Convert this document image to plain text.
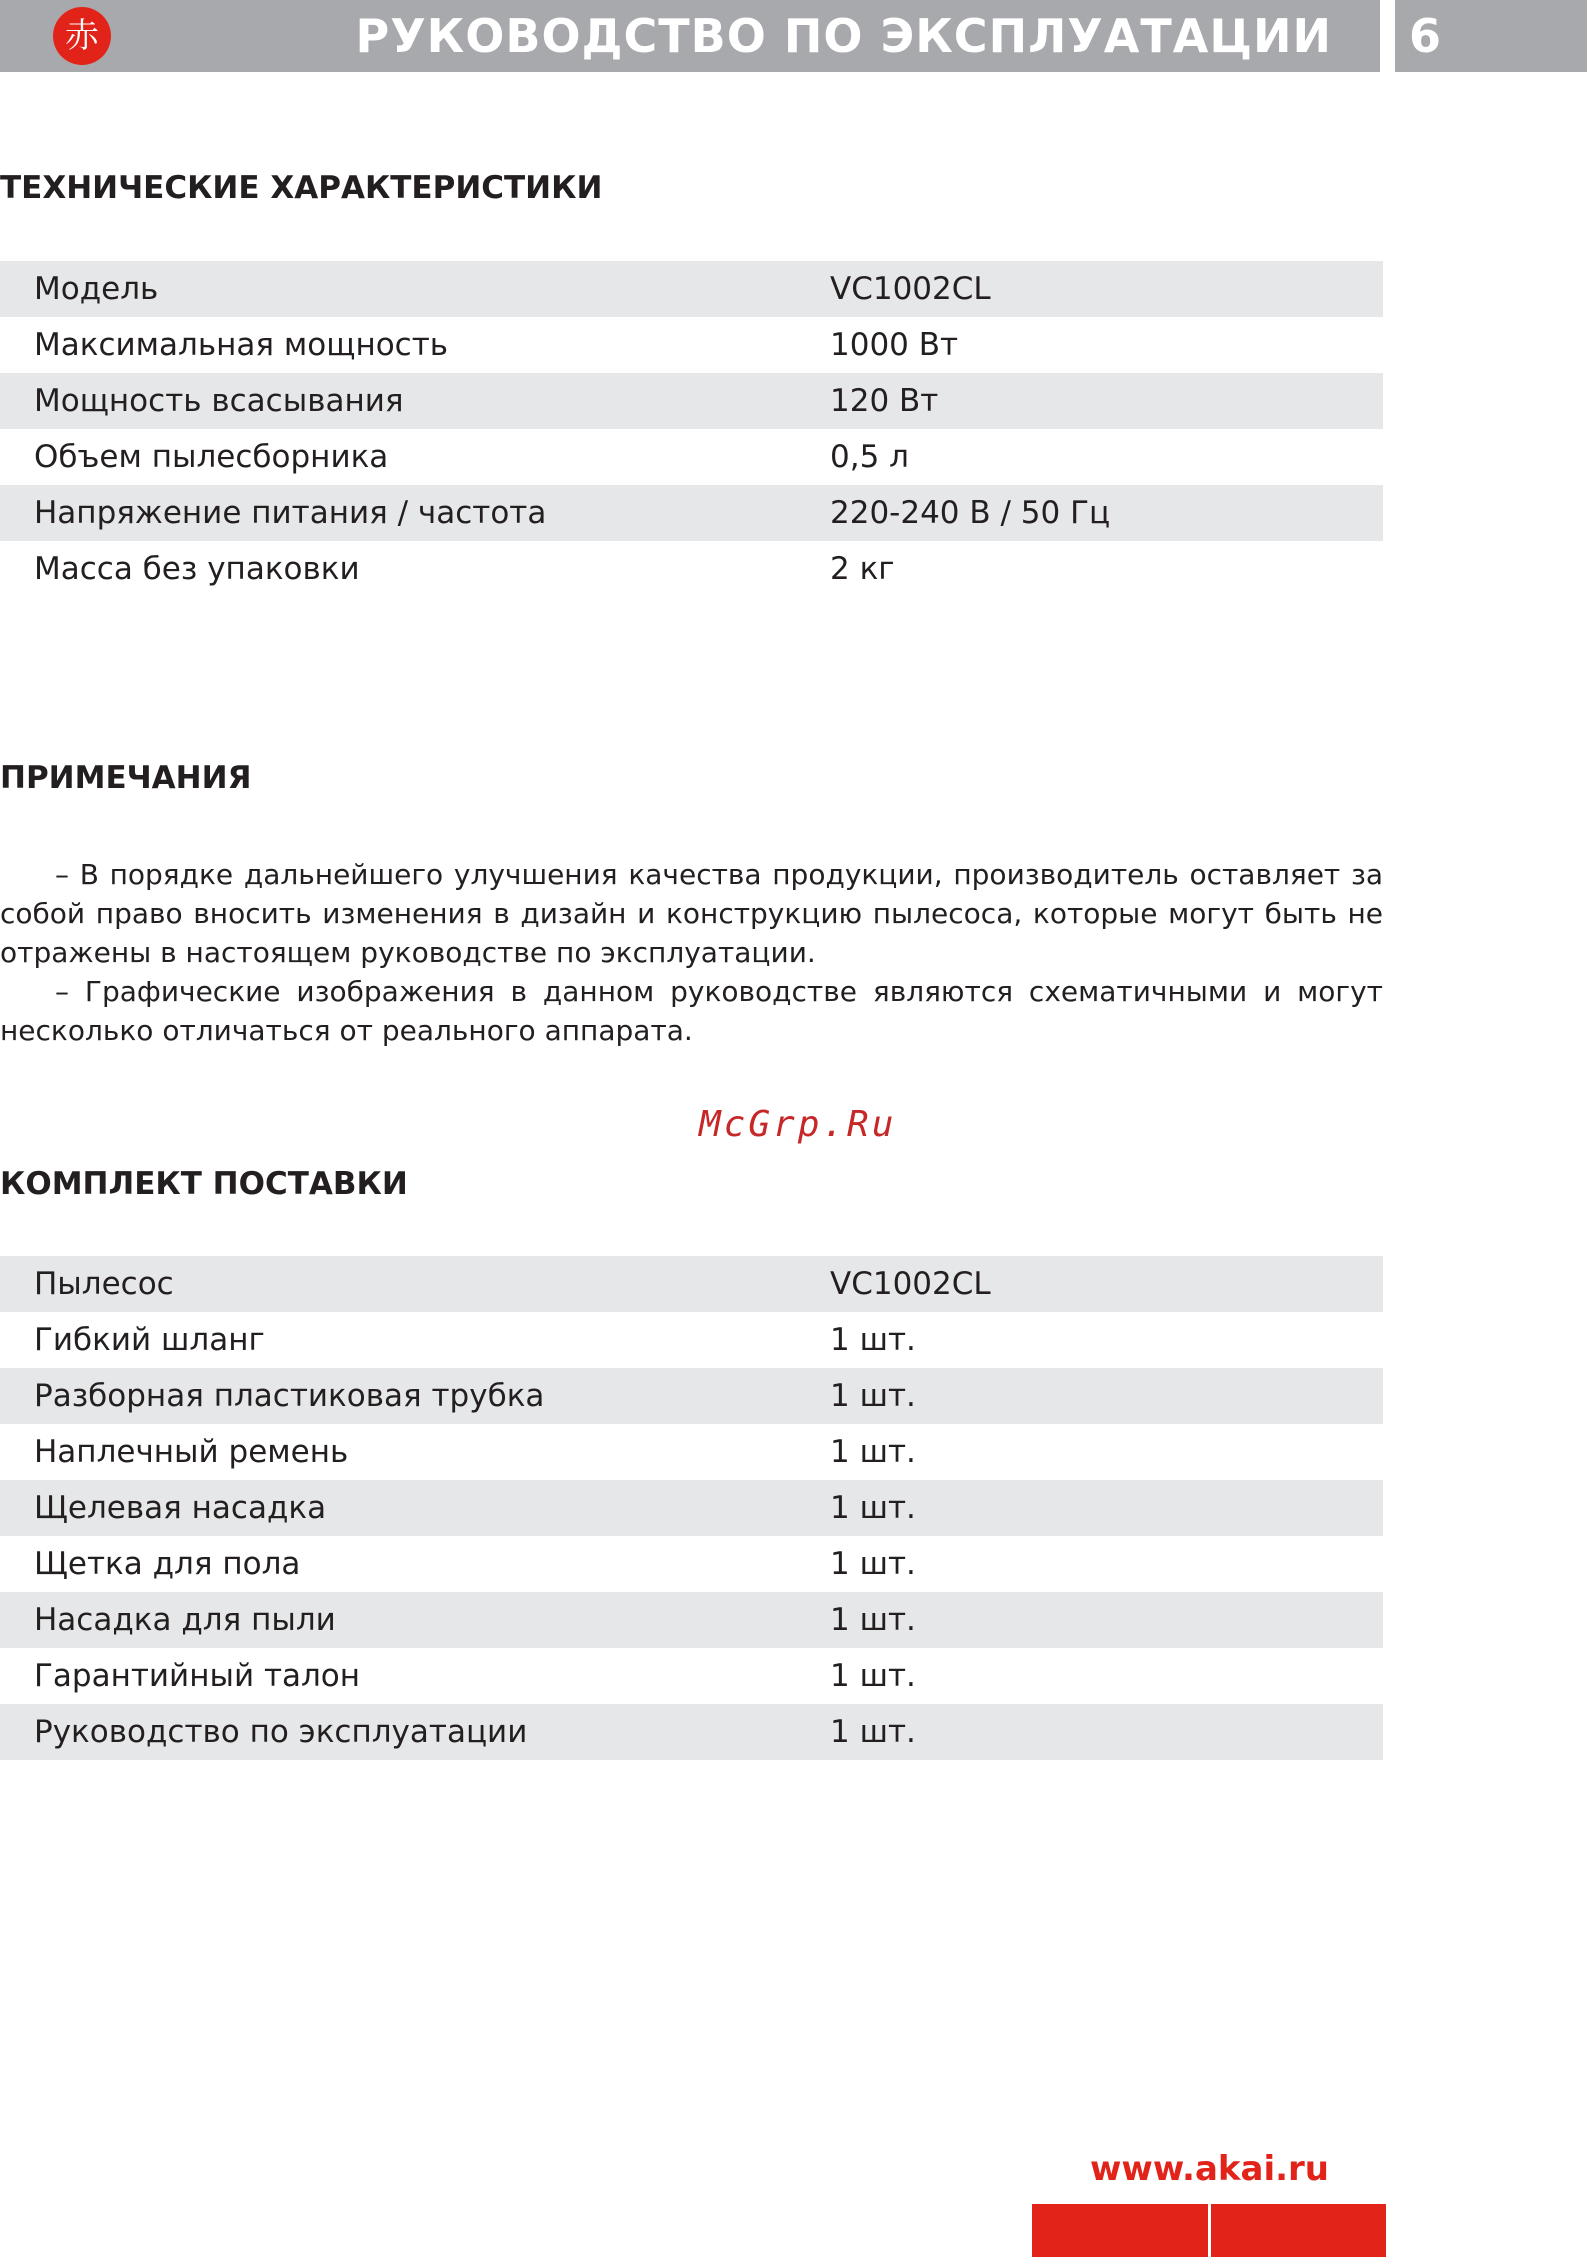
赤	РУКОВОДСТВО ПО ЭКСПЛУАТАЦИИ 6
ТЕХНИЧЕСКИЕ ХАРАКТЕРИСТИКИ
Модель	VC1002CL
Максимальная мощность	1000 Вт
Мощность всасывания	120 Вт
Объем пылесборника	0,5 л
Напряжение питания / частота	220-240 В / 50 Гц
Масса без упаковки	2 кг
ПРИМЕЧАНИЯ

– В порядке дальнейшего улучшения качества продукции, производитель оставляет за собой право вносить изменения в дизайн и конструкцию пылесоса, которые могут быть не отражены в настоящем руководстве по эксплуатации.

– Графические изображения в данном руководстве являются схематичными и могут несколько отличаться от реального аппарата.

McGrp.Ru
КОМПЛЕКТ ПОСТАВКИ
Пылесос	VC1002CL
Гибкий шланг	1 шт.
Разборная пластиковая трубка	1 шт.
Наплечный ремень	1 шт.
Щелевая насадка	1 шт.
Щетка для пола	1 шт.
Насадка для пыли	1 шт.
Гарантийный талон	1 шт.
Руководство по эксплуатации	1 шт.
www.akai.ru
